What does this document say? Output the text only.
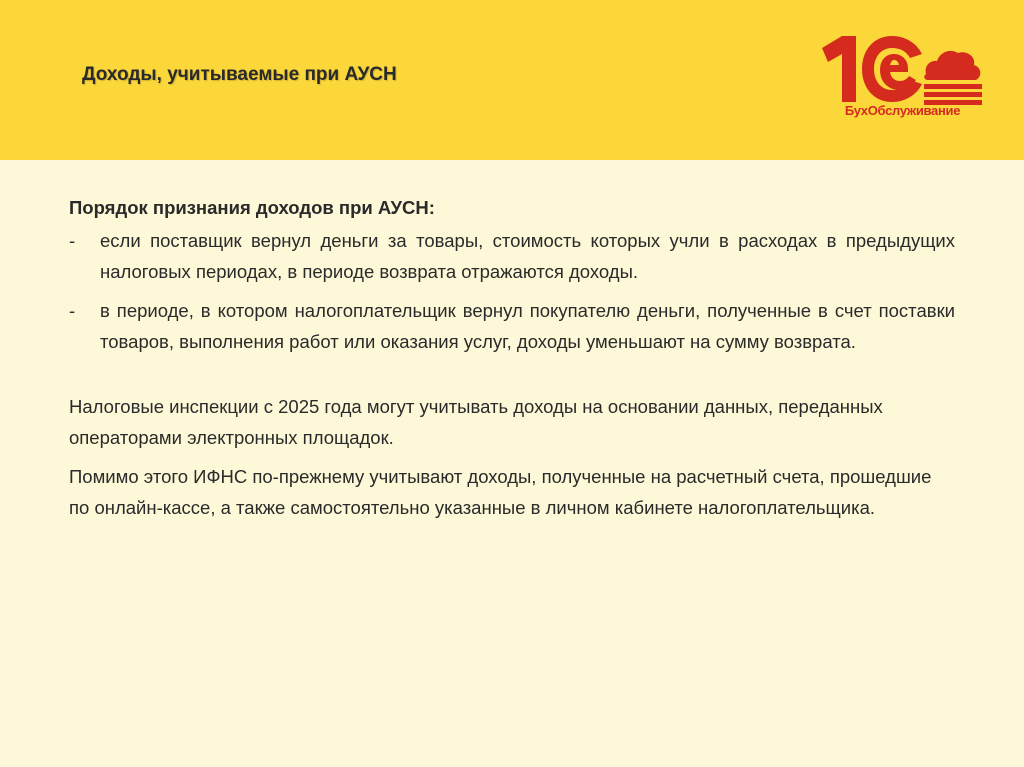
Доходы, учитываемые при АУСН
БухОбслуживание

Порядок признания доходов при АУСН:

-	если поставщик вернул деньги за товары, стоимость которых учли в расходах в предыдущих налоговых периодах, в периоде возврата отражаются доходы.
-	в периоде, в котором налогоплательщик вернул покупателю деньги, полученные в счет поставки товаров, выполнения работ или оказания услуг, доходы уменьшают на сумму возврата.

Налоговые инспекции с 2025 года могут учитывать доходы на основании данных, переданных операторами электронных площадок.

Помимо этого ИФНС по-прежнему учитывают доходы, полученные на расчетный счета, прошедшие по онлайн-кассе, а также самостоятельно указанные в личном кабинете налогоплательщика.
